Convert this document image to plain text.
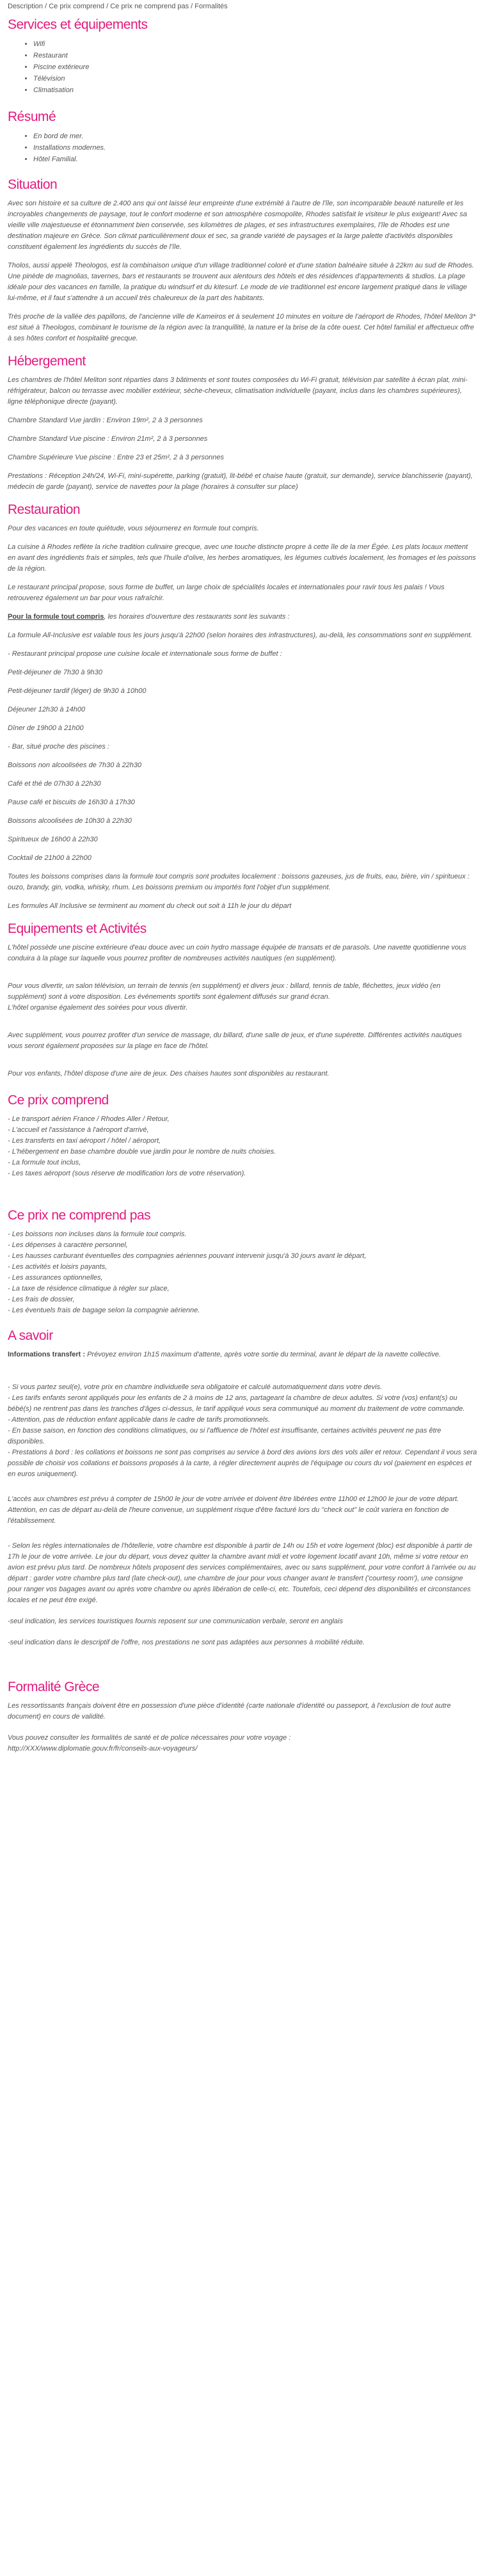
Description / Ce prix comprend / Ce prix ne comprend pas / Formalités
Services et équipements
• Wifi
• Restaurant
• Piscine extérieure
• Télévision
• Climatisation
Résumé
• En bord de mer.
• Installations modernes.
• Hôtel Familial.
Situation

Avec son histoire et sa culture de 2.400 ans qui ont laissé leur empreinte d'une extrémité à l'autre de l'île, son incomparable beauté naturelle et les incroyables changements de paysage, tout le confort moderne et son atmosphère cosmopolite, Rhodes satisfait le visiteur le plus exigeant! Avec sa vieille ville majestueuse et étonnamment bien conservée, ses kilomètres de plages, et ses infrastructures exemplaires, l'île de Rhodes est une destination majeure en Grèce. Son climat particulièrement doux et sec, sa grande variété de paysages et la large palette d'activités disponibles constituent également les ingrédients du succès de l'île.

Tholos, aussi appelé Theologos, est la combinaison unique d'un village traditionnel coloré et d'une station balnéaire située à 22km au sud de Rhodes. Une pinède de magnolias, tavernes, bars et restaurants se trouvent aux alentours des hôtels et des résidences d'appartements & studios. La plage idéale pour des vacances en famille, la pratique du windsurf et du kitesurf. Le mode de vie traditionnel est encore largement pratiqué dans le village lui-même, et il faut s'attendre à un accueil très chaleureux de la part des habitants.

Très proche de la vallée des papillons, de l'ancienne ville de Kameiros et à seulement 10 minutes en voiture de l'aéroport de Rhodes, l'hôtel Meliton 3* est situé à Theologos, combinant le tourisme de la région avec la tranquillité, la nature et la brise de la côte ouest. Cet hôtel familial et affectueux offre à ses hôtes confort et hospitalité grecque.

Hébergement

Les chambres de l'hôtel Meliton sont réparties dans 3 bâtiments et sont toutes composées du Wi-Fi gratuit, télévision par satellite à écran plat, mini-réfrigérateur, balcon ou terrasse avec mobilier extérieur, sèche-cheveux, climatisation individuelle (payant, inclus dans les chambres supérieures), ligne téléphonique directe (payant).

Chambre Standard Vue jardin : Environ 19m², 2 à 3 personnes

Chambre Standard Vue piscine : Environ 21m², 2 à 3 personnes

Chambre Supérieure Vue piscine : Entre 23 et 25m², 2 à 3 personnes

Prestations : Réception 24h/24, Wi-Fi, mini-supérette, parking (gratuit), lit-bébé et chaise haute (gratuit, sur demande), service blanchisserie (payant), médecin de garde (payant), service de navettes pour la plage (horaires à consulter sur place)

Restauration

Pour des vacances en toute quiétude, vous séjournerez en formule tout compris.

La cuisine à Rhodes reflète la riche tradition culinaire grecque, avec une touche distincte propre à cette île de la mer Égée. Les plats locaux mettent en avant des ingrédients frais et simples, tels que l'huile d'olive, les herbes aromatiques, les légumes cultivés localement, les fromages et les poissons de la région.

Le restaurant principal propose, sous forme de buffet, un large choix de spécialités locales et internationales pour ravir tous les palais ! Vous retrouverez également un bar pour vous rafraîchir.

Pour la formule tout compris, les horaires d'ouverture des restaurants sont les suivants :

La formule All-Inclusive est valable tous les jours jusqu'à 22h00 (selon horaires des infrastructures), au-delà, les consommations sont en supplément.

- Restaurant principal propose une cuisine locale et internationale sous forme de buffet :

Petit-déjeuner de 7h30 à 9h30

Petit-déjeuner tardif (léger) de 9h30 à 10h00

Déjeuner 12h30 à 14h00

Dîner de 19h00 à 21h00

- Bar, situé proche des piscines :

Boissons non alcoolisées de 7h30 à 22h30

Café et thé de 07h30 à 22h30

Pause café et biscuits de 16h30 à 17h30

Boissons alcoolisées de 10h30 à 22h30

Spiritueux de 16h00 à 22h30

Cocktail de 21h00 à 22h00

Toutes les boissons comprises dans la formule tout compris sont produites localement : boissons gazeuses, jus de fruits, eau, bière, vin / spiritueux : ouzo, brandy, gin, vodka, whisky, rhum. Les boissons premium ou importés font l'objet d'un supplément.

Les formules All Inclusive se terminent au moment du check out soit à 11h le jour du départ

Equipements et Activités

L'hôtel possède une piscine extérieure d'eau douce avec un coin hydro massage équipée de transats et de parasols. Une navette quotidienne vous conduira à la plage sur laquelle vous pourrez profiter de nombreuses activités nautiques (en supplément).

Pour vous divertir, un salon télévision, un terrain de tennis (en supplément) et divers jeux : billard, tennis de table, fléchettes, jeux vidéo (en supplément) sont à votre disposition. Les événements sportifs sont également diffusés sur grand écran.

L'hôtel organise également des soirées pour vous divertir.

Avec supplément, vous pourrez profiter d'un service de massage, du billard, d'une salle de jeux, et d'une supérette. Différentes activités nautiques vous seront également proposées sur la plage en face de l'hôtel.

Pour vos enfants, l'hôtel dispose d'une aire de jeux. Des chaises hautes sont disponibles au restaurant.

Ce prix comprend
- Le transport aérien France / Rhodes Aller / Retour,
- L'accueil et l'assistance à l'aéroport d'arrivé,
- Les transferts en taxi aéroport / hôtel / aéroport,
- L'hébergement en base chambre double vue jardin pour le nombre de nuits choisies.
- La formule tout inclus,
- Les taxes aéroport (sous réserve de modification lors de votre réservation).
Ce prix ne comprend pas
- Les boissons non incluses dans la formule tout compris.
- Les dépenses à caractère personnel,
- Les hausses carburant éventuelles des compagnies aériennes pouvant intervenir jusqu'à 30 jours avant le départ,
- Les activités et loisirs payants,
- Les assurances optionnelles,
- La taxe de résidence climatique à régler sur place,
- Les frais de dossier,
- Les éventuels frais de bagage selon la compagnie aérienne.
A savoir

Informations transfert : Prévoyez environ 1h15 maximum d'attente, après votre sortie du terminal, avant le départ de la navette collective.

- Si vous partez seul(e), votre prix en chambre individuelle sera obligatoire et calculé automatiquement dans votre devis.
- Les tarifs enfants seront appliqués pour les enfants de 2 à moins de 12 ans, partageant la chambre de deux adultes. Si votre (vos) enfant(s) ou bébé(s) ne rentrent pas dans les tranches d'âges ci-dessus, le tarif appliqué vous sera communiqué au moment du traitement de votre commande.
- Attention, pas de réduction enfant applicable dans le cadre de tarifs promotionnels.
- En basse saison, en fonction des conditions climatiques, ou si l'affluence de l'hôtel est insuffisante, certaines activités peuvent ne pas être disponibles.
- Prestations à bord : les collations et boissons ne sont pas comprises au service à bord des avions lors des vols aller et retour. Cependant il vous sera possible de choisir vos collations et boissons proposés à la carte, à régler directement auprès de l'équipage ou cours du vol (paiement en espèces et en euros uniquement).
L'accès aux chambres est prévu à compter de 15h00 le jour de votre arrivée et doivent être libérées entre 11h00 et 12h00 le jour de votre départ.
Attention, en cas de départ au-delà de l'heure convenue, un supplément risque d'être facturé lors du "check out" le coût variera en fonction de l'établissement.
- Selon les règles internationales de l'hôtellerie, votre chambre est disponible à partir de 14h ou 15h et votre logement (bloc) est disponible à partir de 17h le jour de votre arrivée. Le jour du départ, vous devez quitter la chambre avant midi et votre logement locatif avant 10h, même si votre retour en avion est prévu plus tard. De nombreux hôtels proposent des services complémentaires, avec ou sans supplément, pour votre confort à l'arrivée ou au départ : garder votre chambre plus tard (late check-out), une chambre de jour pour vous changer avant le transfert ('courtesy room'), une consigne pour ranger vos bagages avant ou après votre chambre ou après libération de celle-ci, etc. Toutefois, ceci dépend des disponibilités et circonstances locales et ne peut être exigé.
-seul indication, les services touristiques fournis reposent sur une communication verbale, seront en anglais
-seul indication dans le descriptif de l'offre, nos prestations ne sont pas adaptées aux personnes à mobilité réduite.
Formalité Grèce

Les ressortissants français doivent être en possession d'une pièce d'identité (carte nationale d'identité ou passeport, à l'exclusion de tout autre document) en cours de validité.

Vous pouvez consulter les formalités de santé et de police nécessaires pour votre voyage :
http://XXX/www.diplomatie.gouv.fr/fr/conseils-aux-voyageurs/
